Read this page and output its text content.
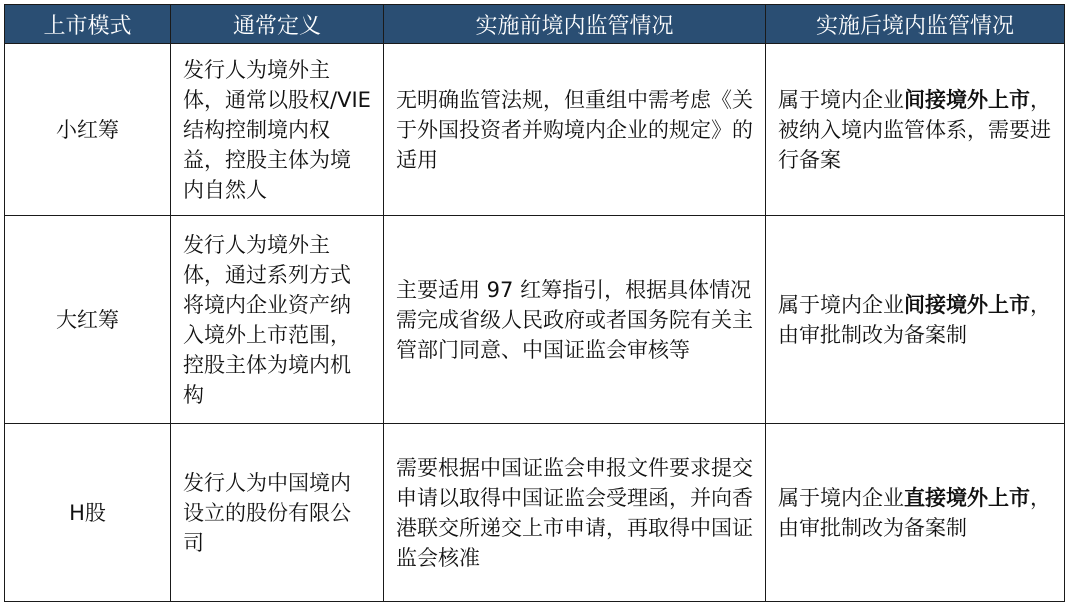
上市模式	通常定义	实施前境内监管情况	实施后境内监管情况
小红筹	发行人为境外主体，通常以股权/VIE结构控制境内权益，控股主体为境内自然人	无明确监管法规，但重组中需考虑《关于外国投资者并购境内企业的规定》的适用	属于境内企业间接境外上市，被纳入境内监管体系，需要进行备案
大红筹	发行人为境外主体，通过系列方式将境内企业资产纳入境外上市范围，控股主体为境内机构	主要适用 97 红筹指引，根据具体情况需完成省级人民政府或者国务院有关主管部门同意、中国证监会审核等	属于境内企业间接境外上市，由审批制改为备案制
H股	发行人为中国境内设立的股份有限公司	需要根据中国证监会申报文件要求提交申请以取得中国证监会受理函，并向香港联交所递交上市申请，再取得中国证监会核准	属于境内企业直接境外上市，由审批制改为备案制
